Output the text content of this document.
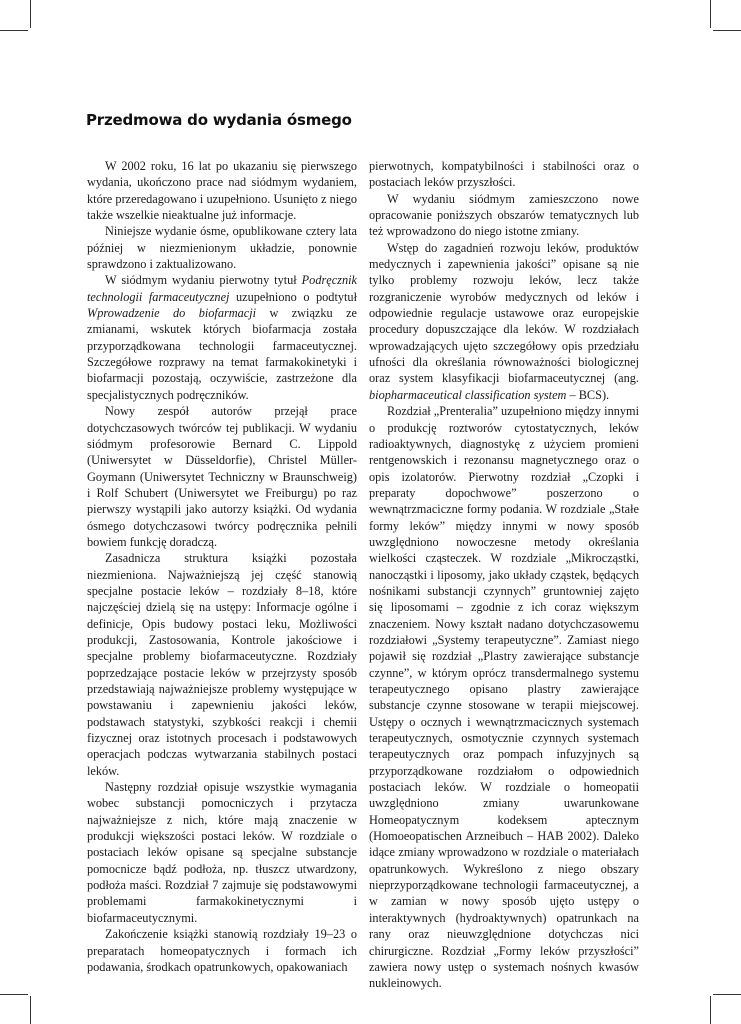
Przedmowa do wydania ósmego

W 2002 roku, 16 lat po ukazaniu się pierwszego wydania, ukończono prace nad siódmym wydaniem, które przeredagowano i uzupełniono. Usunięto z niego także wszelkie nieaktualne już informacje.

Niniejsze wydanie ósme, opublikowane cztery lata później w niezmienionym układzie, ponownie sprawdzono i zaktualizowano.

W siódmym wydaniu pierwotny tytuł Podręcznik technologii farmaceutycznej uzupełniono o podtytuł Wprowadzenie do biofarmacji w związku ze zmianami, wskutek których biofarmacja została przyporządkowana technologii farmaceutycznej. Szczegółowe rozprawy na temat farmakokinetyki i biofarmacji pozostają, oczywiście, zastrzeżone dla specjalistycznych podręczników.

Nowy zespół autorów przejął prace dotychczasowych twórców tej publikacji. W wydaniu siódmym profesorowie Bernard C. Lippold (Uniwersytet w Düsseldorfie), Christel Müller-Goymann (Uniwersytet Techniczny w Braunschweig) i Rolf Schubert (Uniwersytet we Freiburgu) po raz pierwszy wystąpili jako autorzy książki. Od wydania ósmego dotychczasowi twórcy podręcznika pełnili bowiem funkcję doradczą.

Zasadnicza struktura książki pozostała niezmieniona. Najważniejszą jej część stanowią specjalne postacie leków – rozdziały 8–18, które najczęściej dzielą się na ustępy: Informacje ogólne i definicje, Opis budowy postaci leku, Możliwości produkcji, Zastosowania, Kontrole jakościowe i specjalne problemy biofarmaceutyczne. Rozdziały poprzedzające postacie leków w przejrzysty sposób przedstawiają najważniejsze problemy występujące w powstawaniu i zapewnieniu jakości leków, podstawach statystyki, szybkości reakcji i chemii fizycznej oraz istotnych procesach i podstawowych operacjach podczas wytwarzania stabilnych postaci leków.

Następny rozdział opisuje wszystkie wymagania wobec substancji pomocniczych i przytacza najważniejsze z nich, które mają znaczenie w produkcji większości postaci leków. W rozdziale o postaciach leków opisane są specjalne substancje pomocnicze bądź podłoża, np. tłuszcz utwardzony, podłoża maści. Rozdział 7 zajmuje się podstawowymi problemami farmakokinetycznymi i biofarmaceutycznymi.

Zakończenie książki stanowią rozdziały 19–23 o preparatach homeopatycznych i formach ich podawania, środkach opatrunkowych, opakowaniach

pierwotnych, kompatybilności i stabilności oraz o postaciach leków przyszłości.

W wydaniu siódmym zamieszczono nowe opracowanie poniższych obszarów tematycznych lub też wprowadzono do niego istotne zmiany.

Wstęp do zagadnień rozwoju leków, produktów medycznych i zapewnienia jakości” opisane są nie tylko problemy rozwoju leków, lecz także rozgraniczenie wyrobów medycznych od leków i odpowiednie regulacje ustawowe oraz europejskie procedury dopuszczające dla leków. W rozdziałach wprowadzających ujęto szczegółowy opis przedziału ufności dla określania równoważności biologicznej oraz system klasyfikacji biofarmaceutycznej (ang. biopharmaceutical classification system – BCS).

Rozdział „Prenteralia” uzupełniono między innymi o produkcję roztworów cytostatycznych, leków radioaktywnych, diagnostykę z użyciem promieni rentgenowskich i rezonansu magnetycznego oraz o opis izolatorów. Pierwotny rozdział „Czopki i preparaty dopochwowe” poszerzono o wewnątrzmaciczne formy podania. W rozdziale „Stałe formy leków” między innymi w nowy sposób uwzględniono nowoczesne metody określania wielkości cząsteczek. W rozdziale „Mikrocząstki, nanocząstki i liposomy, jako układy cząstek, będących nośnikami substancji czynnych” gruntowniej zajęto się liposomami – zgodnie z ich coraz większym znaczeniem. Nowy kształt nadano dotychczasowemu rozdziałowi „Systemy terapeutyczne”. Zamiast niego pojawił się rozdział „Plastry zawierające substancje czynne”, w którym oprócz transdermalnego systemu terapeutycznego opisano plastry zawierające substancje czynne stosowane w terapii miejscowej. Ustępy o ocznych i wewnątrzmacicznych systemach terapeutycznych, osmotycznie czynnych systemach terapeutycznych oraz pompach infuzyjnych są przyporządkowane rozdziałom o odpowiednich postaciach leków. W rozdziale o homeopatii uwzględniono zmiany uwarunkowane Homeopatycznym kodeksem aptecznym (Homoeopatischen Arzneibuch – HAB 2002). Daleko idące zmiany wprowadzono w rozdziale o materiałach opatrunkowych. Wykreślono z niego obszary nieprzyporządkowane technologii farmaceutycznej, a w zamian w nowy sposób ujęto ustępy o interaktywnych (hydroaktywnych) opatrunkach na rany oraz nieuwzględnione dotychczas nici chirurgiczne. Rozdział „Formy leków przyszłości” zawiera nowy ustęp o systemach nośnych kwasów nukleinowych.
